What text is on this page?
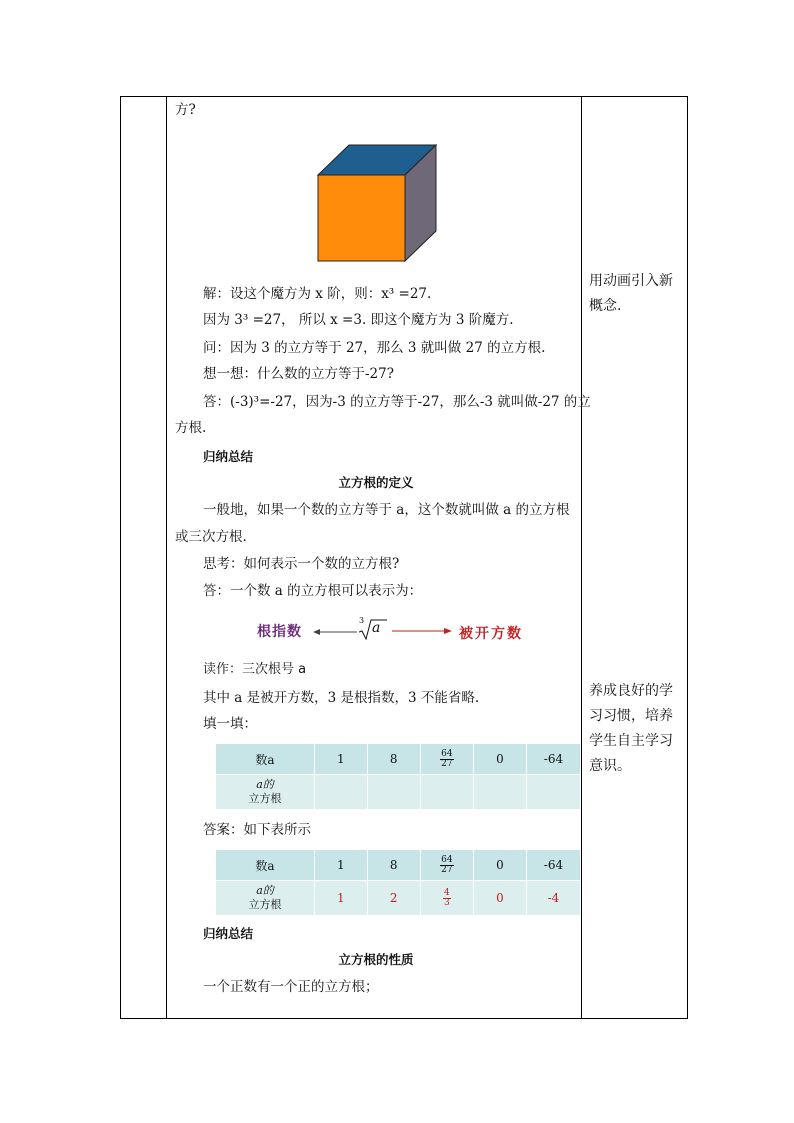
方?
解：设这个魔方为 x 阶，则：x³ =27.
因为 3³ =27， 所以 x =3. 即这个魔方为 3 阶魔方.
问：因为 3 的立方等于 27，那么 3 就叫做 27 的立方根.
想一想：什么数的立方等于-27?
答：(-3)³=-27，因为-3 的立方等于-27，那么-3 就叫做-27 的立
方根.
归纳总结
立方根的定义
一般地，如果一个数的立方等于 a，这个数就叫做 a 的立方根
或三次方根.
思考：如何表示一个数的立方根?
答：一个数 a 的立方根可以表示为：
根指数
3 a	被开方数
读作：三次根号 a
其中 a 是被开方数，3 是根指数，3 不能省略.
填一填：
数a	1	8	$\frac{64}{27}$	0	-64
a的
立方根					
答案：如下表所示
数a	1	8	$\frac{64}{27}$	0	-64
a的
立方根	1	2	$\frac{4}{3}$	0	-4
归纳总结
立方根的性质
一个正数有一个正的立方根；
用动画引入新
概念.
养成良好的学
习习惯，培养
学生自主学习
意识。
